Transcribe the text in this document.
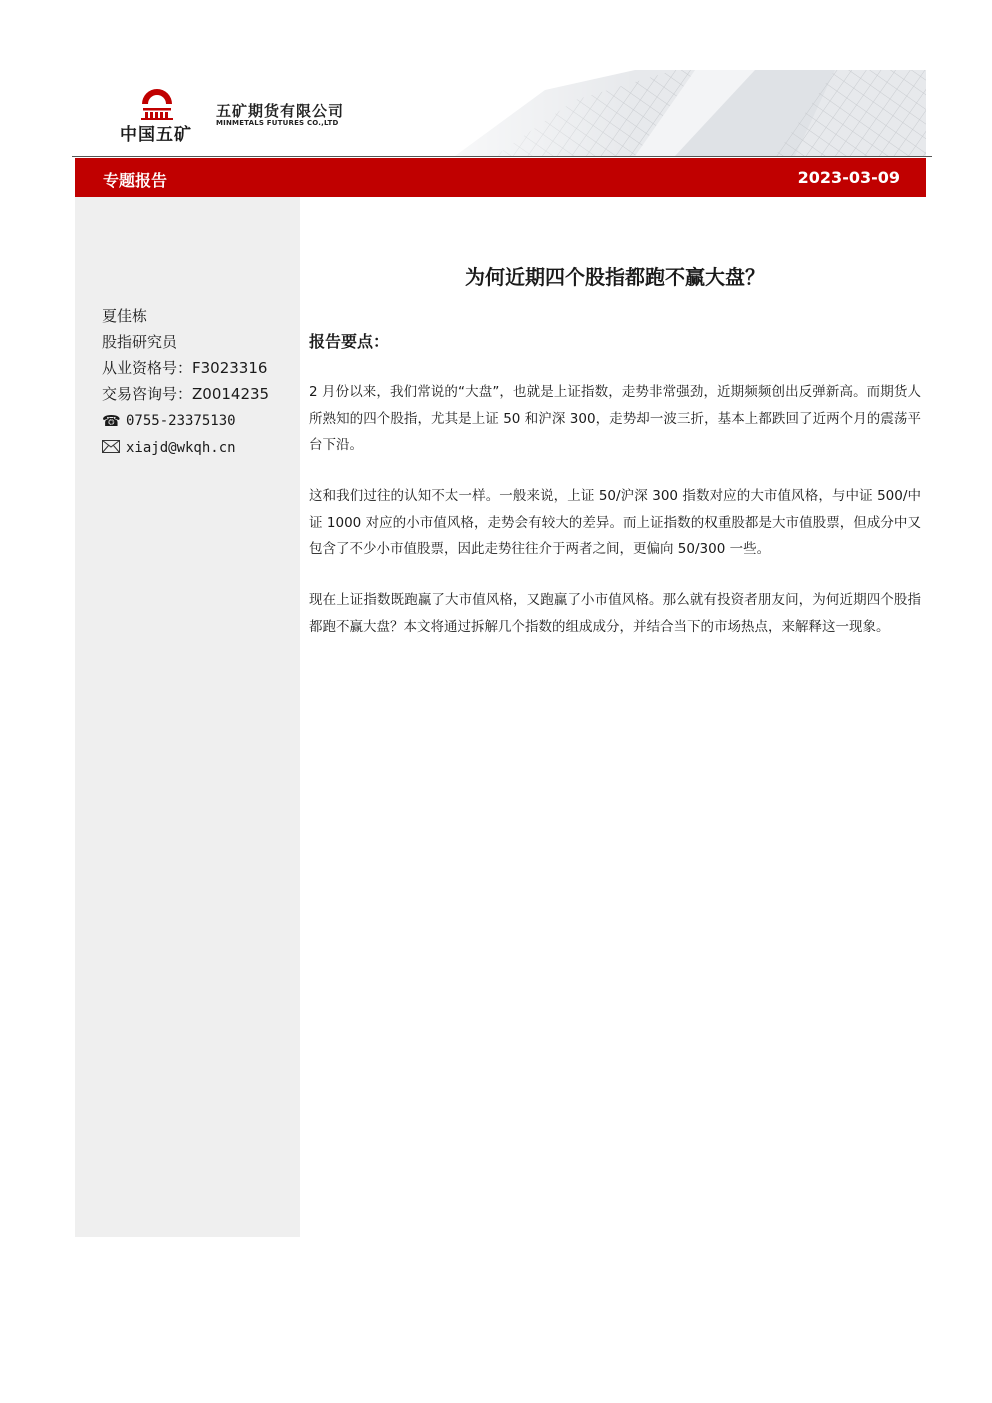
中国五矿
五矿期货有限公司
MINMETALS FUTURES CO.,LTD
专题报告	2023-03-09
夏佳栋
股指研究员
从业资格号：F3023316
交易咨询号：Z0014235
☎ 0755-23375130
xiajd@wkqh.cn
为何近期四个股指都跑不赢大盘？
报告要点：

2 月份以来，我们常说的“大盘”，也就是上证指数，走势非常强劲，近期频频创出反弹新高。而期货人所熟知的四个股指，尤其是上证 50 和沪深 300，走势却一波三折，基本上都跌回了近两个月的震荡平台下沿。

这和我们过往的认知不太一样。一般来说，上证 50/沪深 300 指数对应的大市值风格，与中证 500/中证 1000 对应的小市值风格，走势会有较大的差异。而上证指数的权重股都是大市值股票，但成分中又包含了不少小市值股票，因此走势往往介于两者之间，更偏向 50/300 一些。

现在上证指数既跑赢了大市值风格，又跑赢了小市值风格。那么就有投资者朋友问，为何近期四个股指都跑不赢大盘？本文将通过拆解几个指数的组成成分，并结合当下的市场热点，来解释这一现象。
